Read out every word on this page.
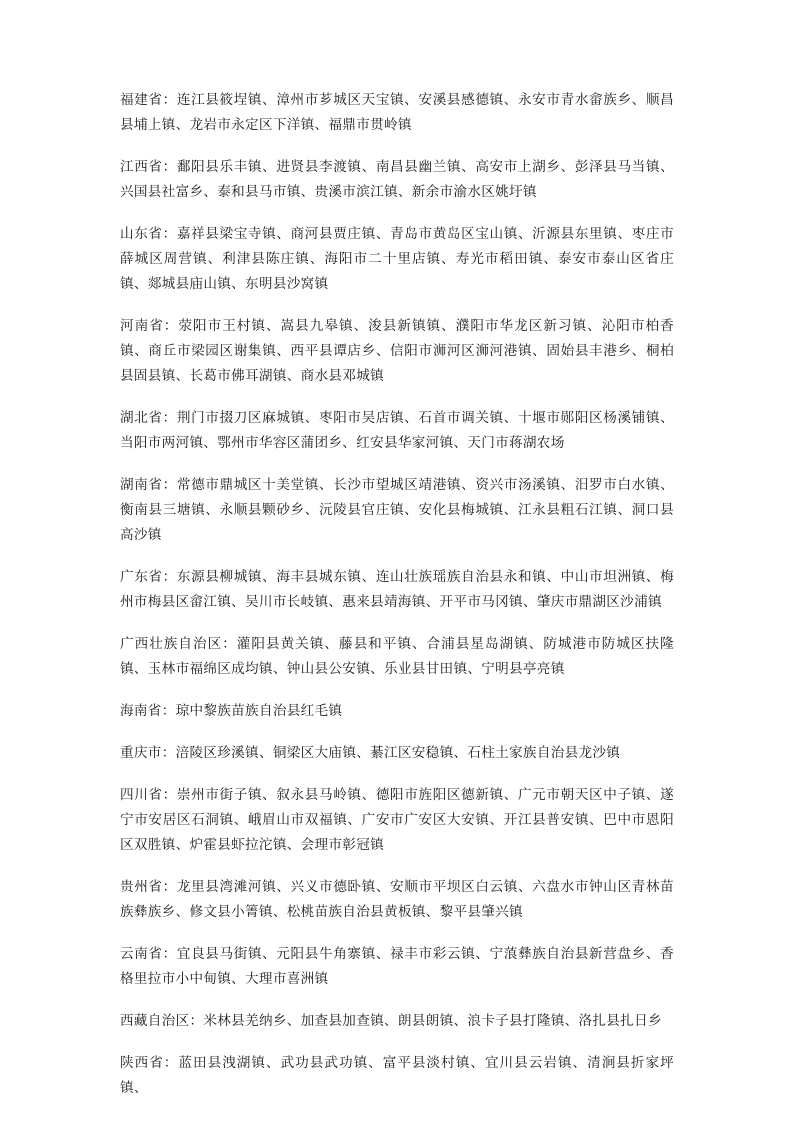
福建省：连江县筱埕镇、漳州市芗城区天宝镇、安溪县感德镇、永安市青水畲族乡、顺昌县埔上镇、龙岩市永定区下洋镇、福鼎市贯岭镇

江西省：鄱阳县乐丰镇、进贤县李渡镇、南昌县幽兰镇、高安市上湖乡、彭泽县马当镇、兴国县社富乡、泰和县马市镇、贵溪市滨江镇、新余市渝水区姚圩镇

山东省：嘉祥县梁宝寺镇、商河县贾庄镇、青岛市黄岛区宝山镇、沂源县东里镇、枣庄市薛城区周营镇、利津县陈庄镇、海阳市二十里店镇、寿光市稻田镇、泰安市泰山区省庄镇、郯城县庙山镇、东明县沙窝镇

河南省：荥阳市王村镇、嵩县九皋镇、浚县新镇镇、濮阳市华龙区新习镇、沁阳市柏香镇、商丘市梁园区谢集镇、西平县谭店乡、信阳市浉河区浉河港镇、固始县丰港乡、桐柏县固县镇、长葛市佛耳湖镇、商水县邓城镇

湖北省：荆门市掇刀区麻城镇、枣阳市吴店镇、石首市调关镇、十堰市郧阳区杨溪铺镇、当阳市两河镇、鄂州市华容区蒲团乡、红安县华家河镇、天门市蒋湖农场

湖南省：常德市鼎城区十美堂镇、长沙市望城区靖港镇、资兴市汤溪镇、汨罗市白水镇、衡南县三塘镇、永顺县颗砂乡、沅陵县官庄镇、安化县梅城镇、江永县粗石江镇、洞口县高沙镇

广东省：东源县柳城镇、海丰县城东镇、连山壮族瑶族自治县永和镇、中山市坦洲镇、梅州市梅县区畲江镇、吴川市长岐镇、惠来县靖海镇、开平市马冈镇、肇庆市鼎湖区沙浦镇

广西壮族自治区：灌阳县黄关镇、藤县和平镇、合浦县星岛湖镇、防城港市防城区扶隆镇、玉林市福绵区成均镇、钟山县公安镇、乐业县甘田镇、宁明县亭亮镇

海南省：琼中黎族苗族自治县红毛镇

重庆市：涪陵区珍溪镇、铜梁区大庙镇、綦江区安稳镇、石柱土家族自治县龙沙镇

四川省：崇州市街子镇、叙永县马岭镇、德阳市旌阳区德新镇、广元市朝天区中子镇、遂宁市安居区石洞镇、峨眉山市双福镇、广安市广安区大安镇、开江县普安镇、巴中市恩阳区双胜镇、炉霍县虾拉沱镇、会理市彰冠镇

贵州省：龙里县湾滩河镇、兴义市德卧镇、安顺市平坝区白云镇、六盘水市钟山区青林苗族彝族乡、修文县小箐镇、松桃苗族自治县黄板镇、黎平县肇兴镇

云南省：宜良县马街镇、元阳县牛角寨镇、禄丰市彩云镇、宁蒗彝族自治县新营盘乡、香格里拉市小中甸镇、大理市喜洲镇

西藏自治区：米林县羌纳乡、加查县加查镇、朗县朗镇、浪卡子县打隆镇、洛扎县扎日乡

陕西省：蓝田县洩湖镇、武功县武功镇、富平县淡村镇、宜川县云岩镇、清涧县折家坪镇、
